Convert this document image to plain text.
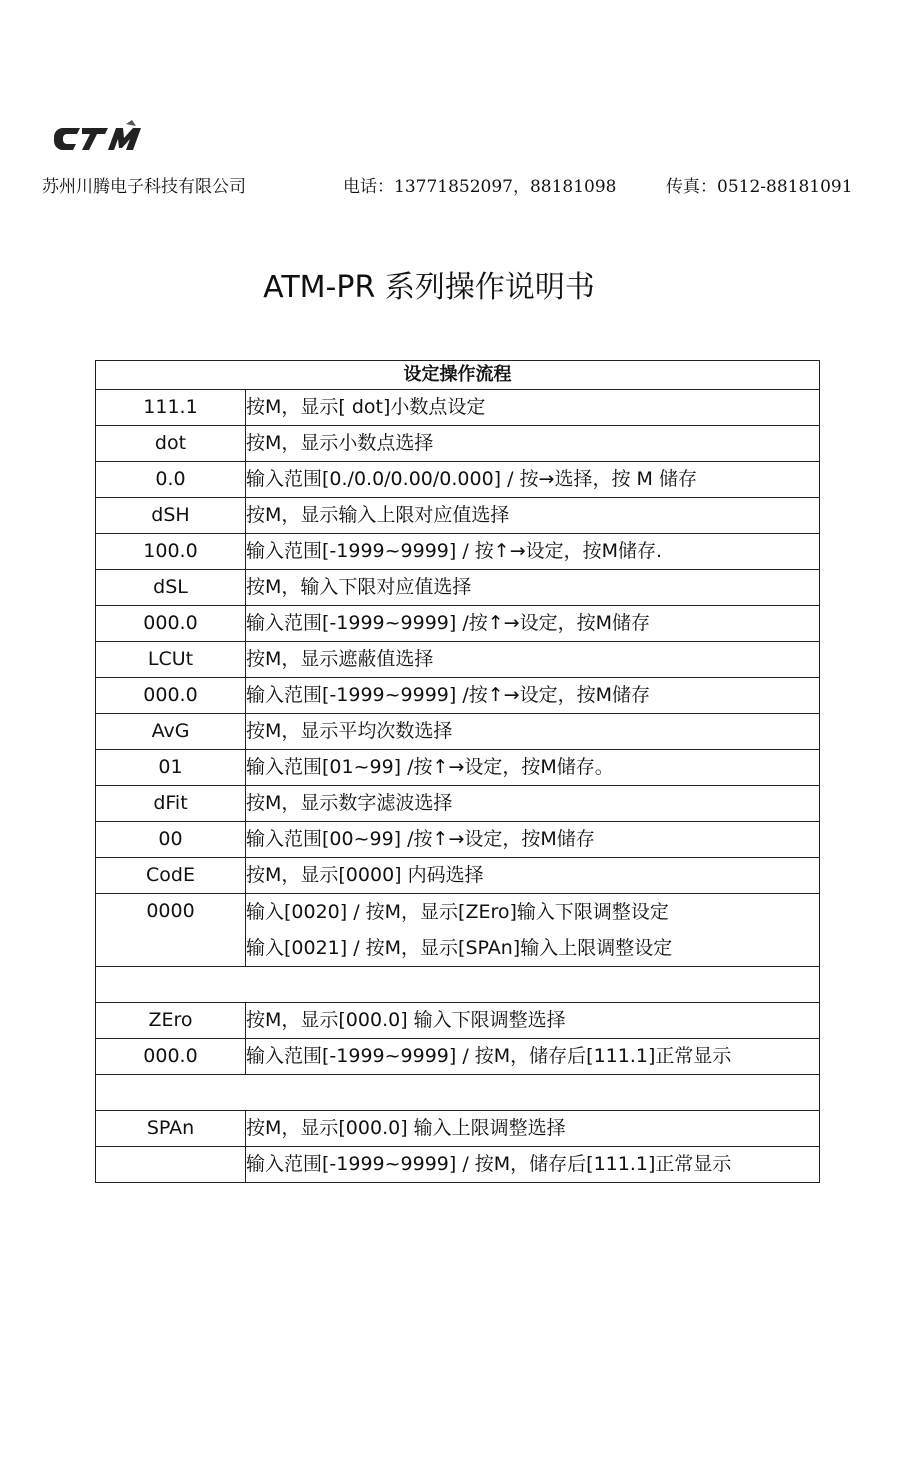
苏州川腾电子科技有限公司	电话：13771852097，88181098	传真：0512-88181091
ATM-PR 系列操作说明书
设定操作流程	
111.1	按M，显示[ dot]小数点设定
dot	按M，显示小数点选择
0.0	输入范围[0./0.0/0.00/0.000] / 按→选择，按 M 储存
dSH	按M，显示输入上限对应值选择
100.0	输入范围[-1999~9999] / 按↑→设定，按M储存.
dSL	按M，输入下限对应值选择
000.0	输入范围[-1999~9999] /按↑→设定，按M储存
LCUt	按M，显示遮蔽值选择
000.0	输入范围[-1999~9999] /按↑→设定，按M储存
AvG	按M，显示平均次数选择
01	输入范围[01~99] /按↑→设定，按M储存。
dFit	按M，显示数字滤波选择
00	输入范围[00~99] /按↑→设定，按M储存
CodE	按M，显示[0000] 内码选择
0000	输入[0020] / 按M，显示[ZEro]输入下限调整设定
输入[0021] / 按M，显示[SPAn]输入上限调整设定

ZEro	按M，显示[000.0] 输入下限调整选择
000.0	输入范围[-1999~9999] / 按M，储存后[111.1]正常显示

SPAn	按M，显示[000.0] 输入上限调整选择
	输入范围[-1999~9999] / 按M，储存后[111.1]正常显示
